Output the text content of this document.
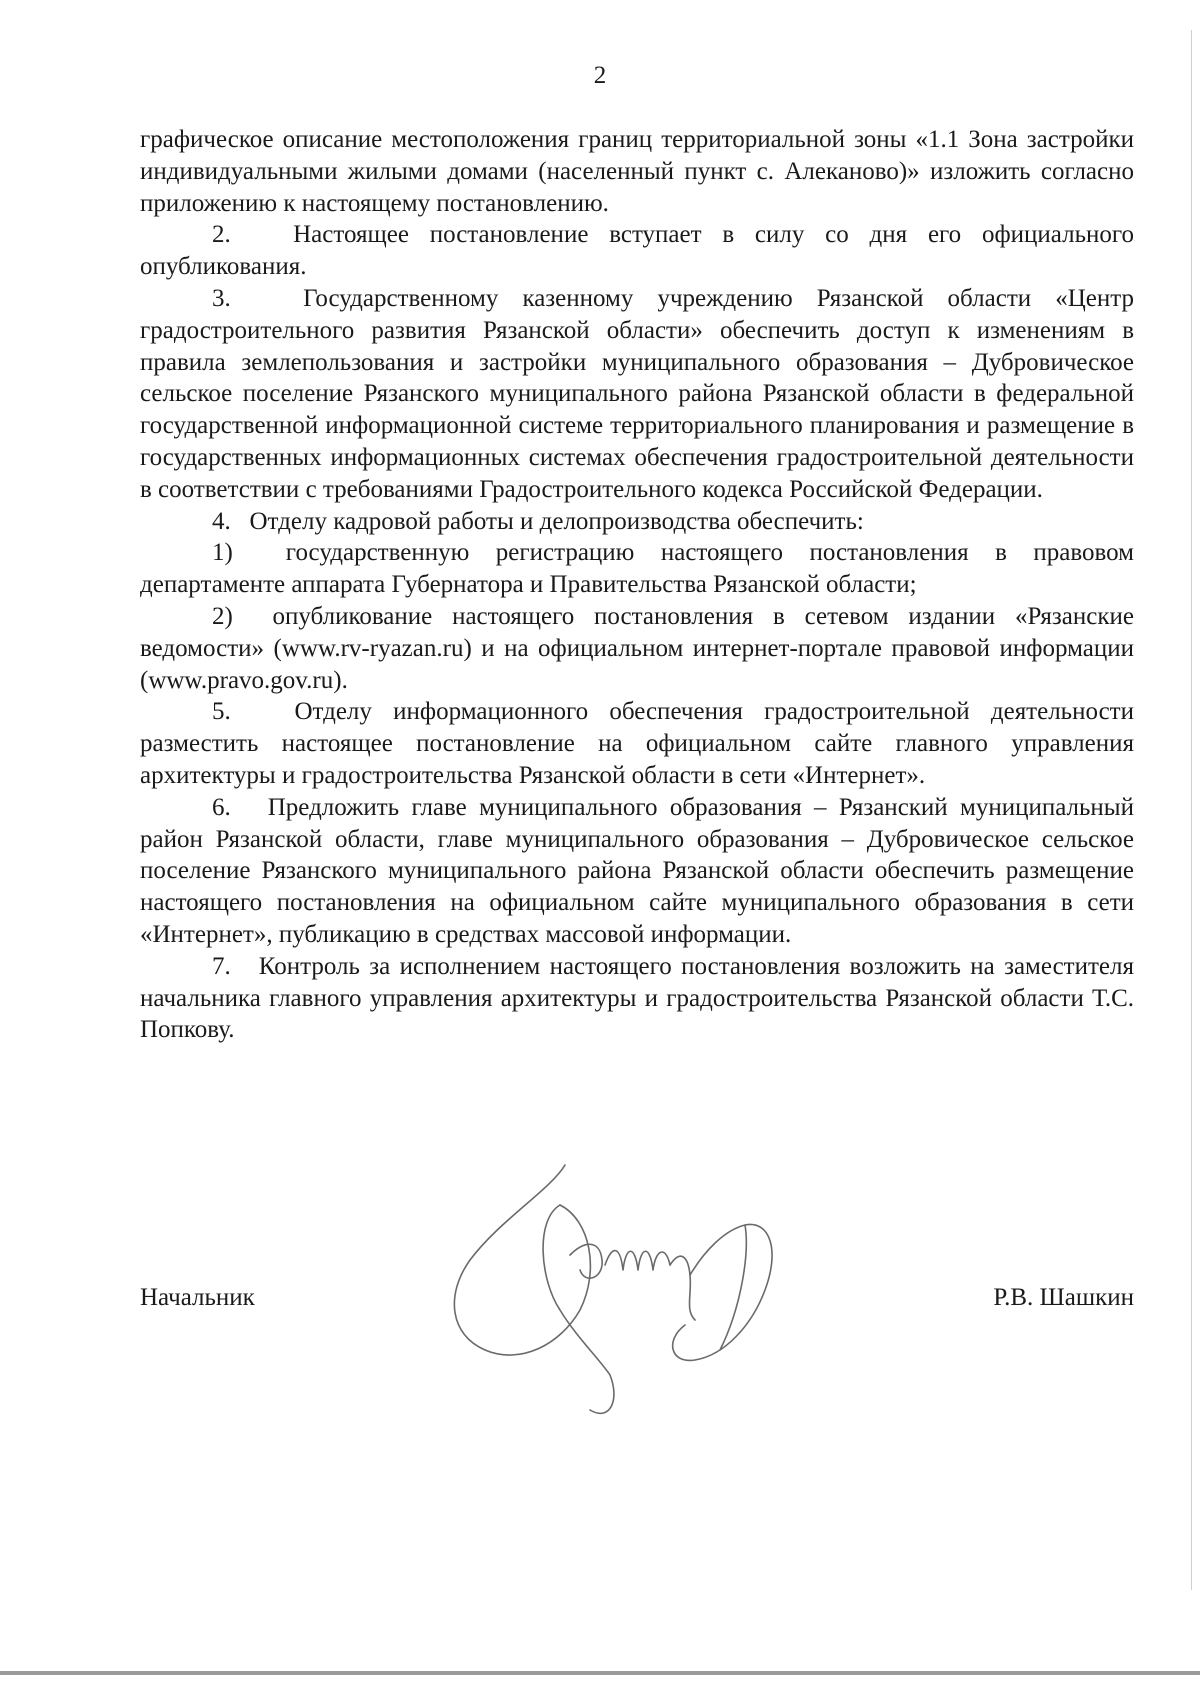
2

графическое описание местоположения границ территориальной зоны «1.1 Зона застройки индивидуальными жилыми домами (населенный пункт с. Алеканово)» изложить согласно приложению к настоящему постановлению.

2.   Настоящее постановление вступает в силу со дня его официального опубликования.

3.   Государственному казенному учреждению Рязанской области «Центр градостроительного развития Рязанской области» обеспечить доступ к изменениям в правила землепользования и застройки муниципального образования – Дубровическое сельское поселение Рязанского муниципального района Рязанской области в федеральной государственной информационной системе территориального планирования и размещение в государственных информационных системах обеспечения градостроительной деятельности в соответствии с требованиями Градостроительного кодекса Российской Федерации.

4.   Отделу кадровой работы и делопроизводства обеспечить:

1)  государственную регистрацию настоящего постановления в правовом департаменте аппарата Губернатора и Правительства Рязанской области;

2)  опубликование настоящего постановления в сетевом издании «Рязанские ведомости» (www.rv-ryazan.ru) и на официальном интернет-портале правовой информации (www.pravo.gov.ru).

5.   Отделу информационного обеспечения градостроительной деятельности разместить настоящее постановление на официальном сайте главного управления архитектуры и градостроительства Рязанской области в сети «Интернет».

6.   Предложить главе муниципального образования – Рязанский муниципальный район Рязанской области, главе муниципального образования – Дубровическое сельское поселение Рязанского муниципального района Рязанской области обеспечить размещение настоящего постановления на официальном сайте муниципального образования в сети «Интернет», публикацию в средствах массовой информации.

7.   Контроль за исполнением настоящего постановления возложить на заместителя начальника главного управления архитектуры и градостроительства Рязанской области Т.С. Попкову.

Начальник	Р.В. Шашкин
